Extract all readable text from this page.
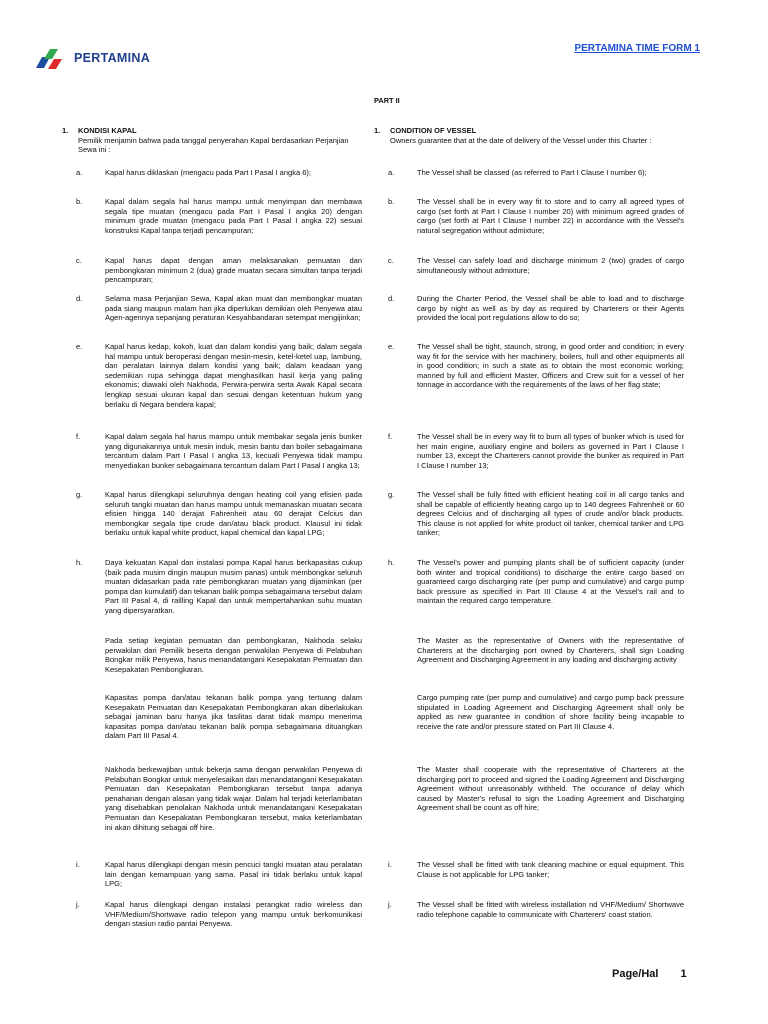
PERTAMINA
PERTAMINA TIME FORM 1
PART II
1.	KONDISI KAPAL
Pemilik menjamin bahwa pada tanggal penyerahan Kapal berdasarkan Perjanjian Sewa ini :
a.	Kapal harus diklaskan (mengacu pada Part I Pasal I angka 6);
b.	Kapal dalam segala hal harus mampu untuk menyimpan dan membawa segala tipe muatan (mengacu pada Part I Pasal I angka 20) dengan minimum grade muatan (mengacu pada Part I Pasal I angka 22) sesuai konstruksi Kapal tanpa terjadi pencampuran;
c.	Kapal harus dapat dengan aman melaksanakan pemuatan dan pembongkaran minimum 2 (dua) grade muatan secara simultan tanpa terjadi pencampuran;
d.	Selama masa Perjanjian Sewa, Kapal akan muat dan membongkar muatan pada siang maupun malam hari jika diperlukan demikian oleh Penyewa atau Agen-agennya sepanjang peraturan Kesyahbandaran setempat mengijinkan;
e.	Kapal harus kedap, kokoh, kuat dan dalam kondisi yang baik; dalam segala hal mampu untuk beroperasi dengan mesin-mesin, ketel-ketel uap, lambung, dan peralatan lainnya dalam kondisi yang baik; dalam keadaan yang sedemikian rupa sehingga dapat menghasilkan hasil kerja yang paling ekonomis; diawaki oleh Nakhoda, Perwira-perwira serta Awak Kapal secara lengkap sesuai ukuran kapal dan sesuai dengan ketentuan hukum yang berlaku di Negara bendera kapal;
f.	Kapal dalam segala hal harus mampu untuk membakar segala jenis bunker yang digunakannya untuk mesin induk, mesin bantu dan boiler sebagaimana tercantum dalam Part I Pasal I angka 13, kecuali Penyewa tidak mampu menyediakan bunker sebagaimana tercantum dalam Part I Pasal I angka 13;
g.	Kapal harus dilengkapi seluruhnya dengan heating coil yang efisien pada seluruh tangki muatan dan harus mampu untuk memanaskan muatan secara efisien hingga 140 derajat Fahrenheit atau 60 derajat Celcius dan membongkar segala tipe crude dan/atau black product. Klausul ini tidak berlaku untuk kapal white product, kapal chemical dan kapal LPG;
h.	Daya kekuatan Kapal dan instalasi pompa Kapal harus berkapasitas cukup (baik pada musim dingin maupun musim panas) untuk membongkar seluruh muatan didasarkan pada rate pembongkaran muatan yang dijaminkan (per pompa dan kumulatif) dan tekanan balik pompa sebagaimana tersebut dalam Part III Pasal 4, di railling Kapal dan untuk mempertahankan suhu muatan yang dipersyaratkan.
Pada setiap kegiatan pemuatan dan pembongkaran, Nakhoda selaku perwakilan dari Pemilik beserta dengan perwakilan Penyewa di Pelabuhan Bongkar milik Penyewa, harus menandatangani Kesepakatan Pemuatan dan Kesepakatan Pembongkaran.
Kapasitas pompa dan/atau tekanan balik pompa yang tertuang dalam Kesepakatn Pemuatan dan Kesepakatan Pembongkaran akan diberlakukan sebagai jaminan baru hanya jika fasilitas darat tidak mampu menerima kapasitas pompa dan/atau tekanan balik pompa sebagaimana dituangkan dalam Part III Pasal 4.
Nakhoda berkewajiban untuk bekerja sama dengan perwakilan Penyewa di Pelabuhan Bongkar untuk menyelesaikan dan menandatangani Kesepakatan Pemuatan dan Kesepakatan Pembongkaran tersebut tanpa adanya penahanan dengan alasan yang tidak wajar. Dalam hal terjadi keterlambatan yang disebabkan penolakan Nakhoda untuk menandatangani Kesepakatan Pemuatan dan Kesepakatan Pembongkaran tersebut, maka keterlambatan ini akan dihitung sebagai off hire.
i.	Kapal harus dilengkapi dengan mesin pencuci tangki muatan atau peralatan lain dengan kemampuan yang sama. Pasal ini tidak berlaku untuk kapal LPG;
j.	Kapal harus dilengkapi dengan instalasi perangkat radio wireless dan VHF/Medium/Shortwave radio telepon yang mampu untuk berkomunikasi dengan stasiun radio pantai Penyewa.
1.	CONDITION OF VESSEL
Owners guarantee that at the date of delivery of the Vessel under this Charter :
a.	The Vessel shall be classed (as referred to Part I Clause I number 6);
b.	The Vessel shall be in every way fit to store and to carry all agreed types of cargo (set forth at Part I Clause I number 20) with minimum agreed grades of cargo (set forth at Part I Clause I number 22) in accordance with the Vessel's natural segregation without admixture;
c.	The Vessel can safely load and discharge minimum 2 (two) grades of cargo simultaneously without admixture;
d.	During the Charter Period, the Vessel shall be able to load and to discharge cargo by night as well as by day as required by Charterers or their Agents provided the local port regulations allow to do so;
e.	The Vessel shall be tight, staunch, strong, in good order and condition; in every way fit for the service with her machinery, boilers, hull and other equipments all in good condition; in such a state as to obtain the most economic working; manned by full and efficient Master, Officers and Crew suit for a vessel of her tonnage in accordance with the requirements of the laws of her flag state;
f.	The Vessel shall be in every way fit to burn all types of bunker which is used for her main engine, auxiliary engine and boilers as governed in Part I Clause I number 13, except the Charterers cannot provide the bunker as required in Part I Clause I number 13;
g.	The Vessel shall be fully fitted with efficient heating coil in all cargo tanks and shall be capable of efficiently heating cargo up to 140 degrees Fahrenheit or 60 degrees Celcius and of discharging all types of crude and/or black products. This clause is not applied for white product oil tanker, chemical tanker and LPG tanker;
h.	The Vessel's power and pumping plants shall be of sufficient capacity (under both winter and tropical conditions) to discharge the entire cargo based on guaranteed cargo discharging rate (per pump and cumulative) and cargo pump back pressure as specified in Part III Clause 4 at the Vessel's rail and to maintain the required cargo temperature.
The Master as the representative of Owners with the representative of Charterers at the discharging port owned by Charterers, shall sign Loading Agreement and Discharging Agreement in any loading and discharging activity
Cargo pumping rate (per pump and cumulative) and cargo pump back pressure stipulated in Loading Agreement and Discharging Agreement shall only be applied as new guarantee in condition of shore facility being incapable to receive the rate and/or pressure stated on Part III Clause 4.
The Master shall cooperate with the representative of Charterers at the discharging port to proceed and signed the Loading Agreement and Discharging Agreement without unreasonably withheld. The occurance of delay which caused by Master's refusal to sign the Loading Agreement and Discharging Agreement shall be count as off hire;
i.	The Vessel shall be fitted with tank cleaning machine or equal equipment. This Clause is not applicable for LPG tanker;
j.	The Vessel shall be fitted with wireless installation nd VHF/Medium/ Shortwave radio telephone capable to communicate with Charterers' coast station.
Page/Hal 1
